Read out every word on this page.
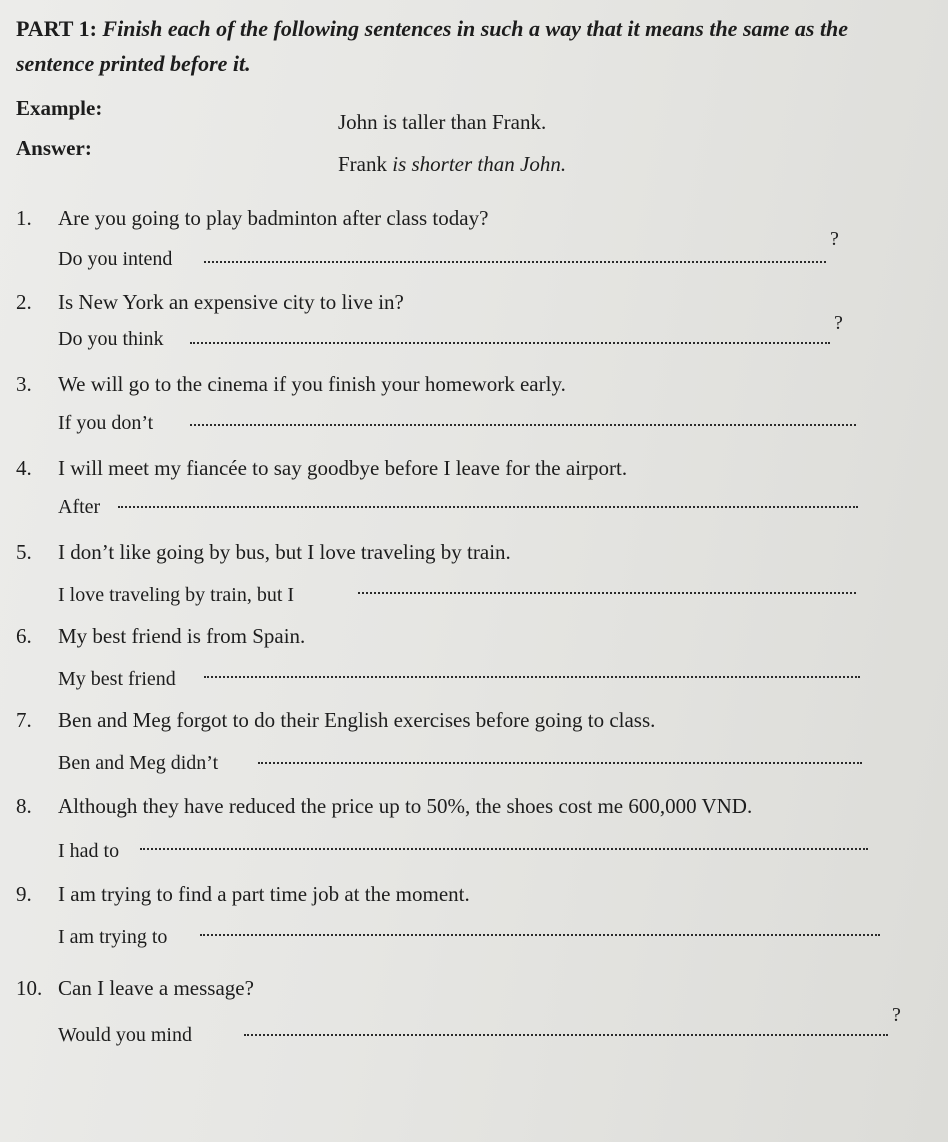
PART 1: Finish each of the following sentences in such a way that it means the same as the
sentence printed before it.
Example:
John is taller than Frank.
Answer:
Frank is shorter than John.
1. Are you going to play badminton after class today?
Do you intend
?
2. Is New York an expensive city to live in?
Do you think
?
3. We will go to the cinema if you finish your homework early.
If you don’t
4. I will meet my fiancée to say goodbye before I leave for the airport.
After
5. I don’t like going by bus, but I love traveling by train.
I love traveling by train, but I
6. My best friend is from Spain.
My best friend
7. Ben and Meg forgot to do their English exercises before going to class.
Ben and Meg didn’t
8. Although they have reduced the price up to 50%, the shoes cost me 600,000 VND.
I had to
9. I am trying to find a part time job at the moment.
I am trying to
10. Can I leave a message?
Would you mind
?
